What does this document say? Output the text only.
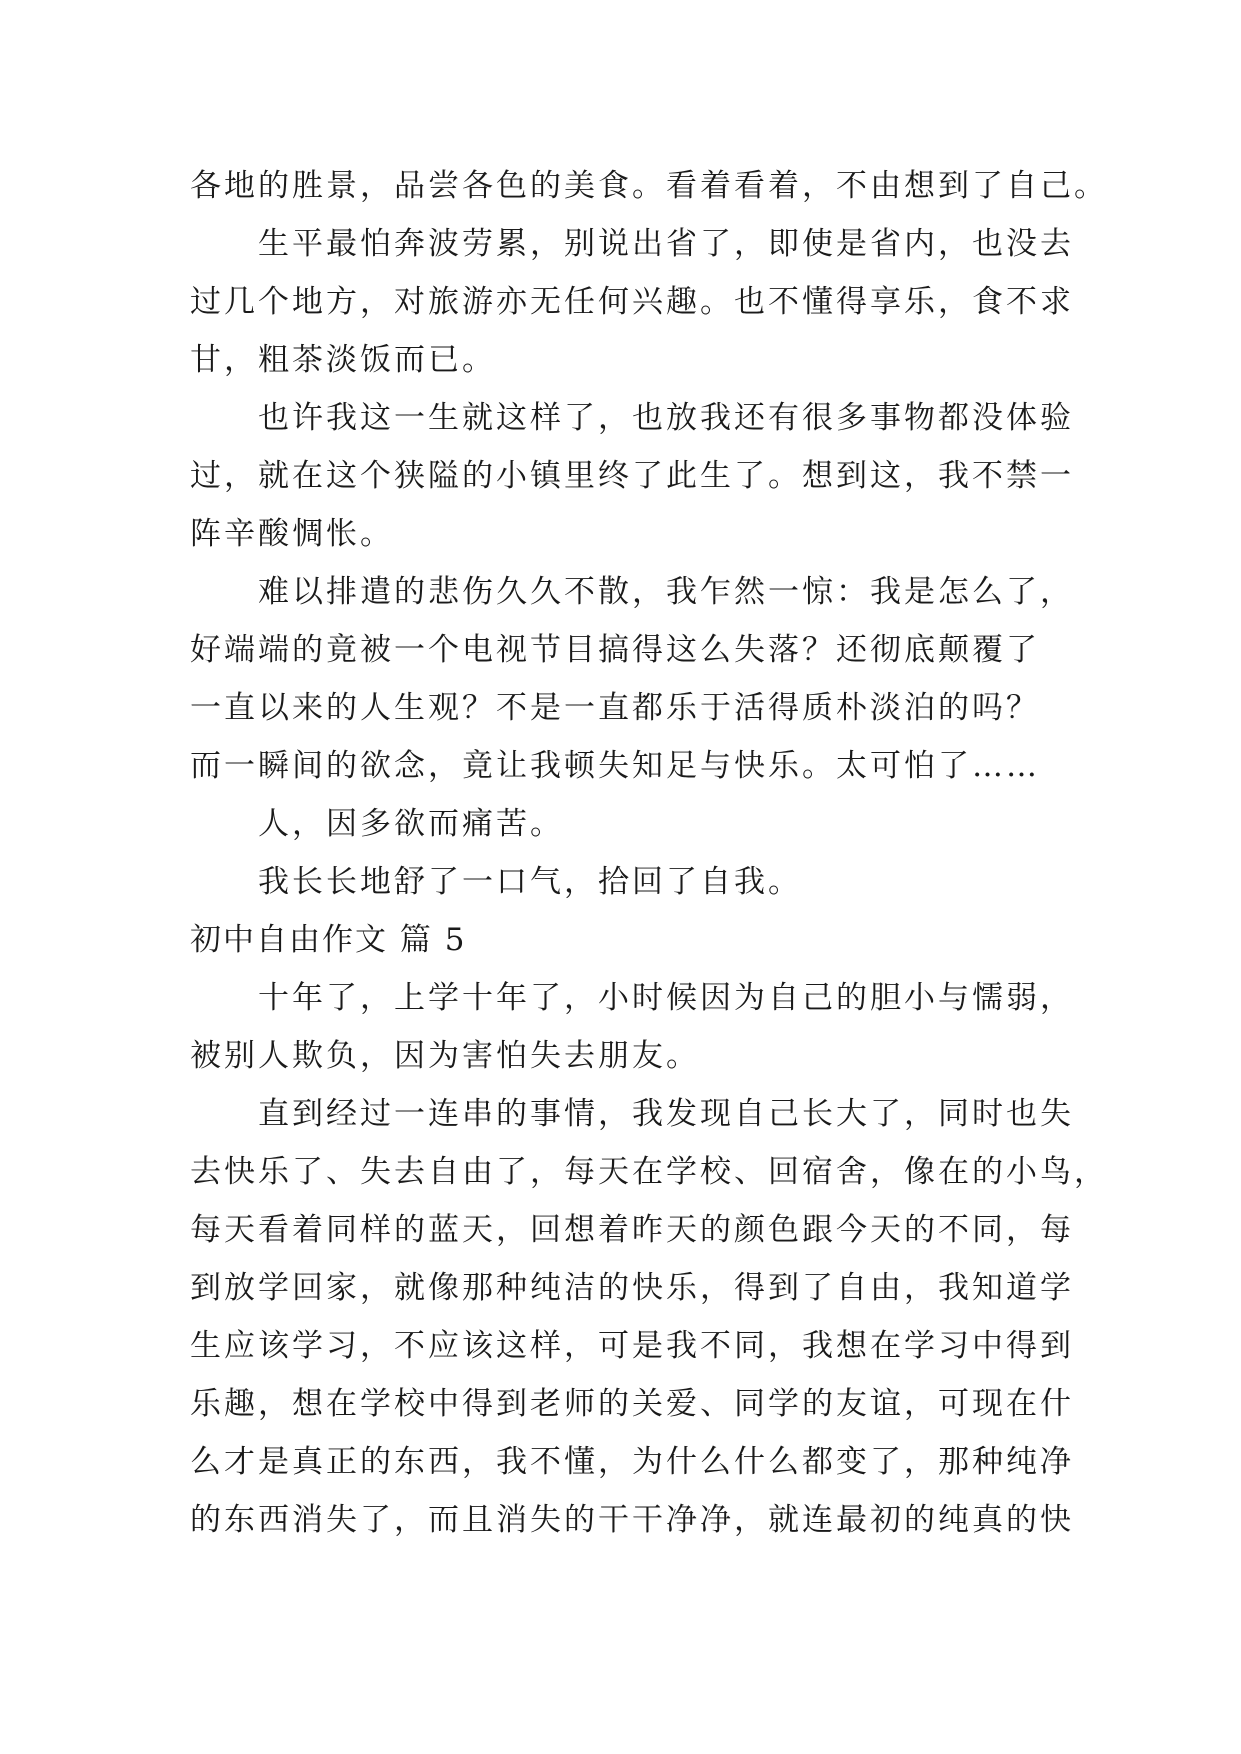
各地的胜景，品尝各色的美食。看着看着，不由想到了自己。
生平最怕奔波劳累，别说出省了，即使是省内，也没去
过几个地方，对旅游亦无任何兴趣。也不懂得享乐，食不求
甘，粗茶淡饭而已。
也许我这一生就这样了，也放我还有很多事物都没体验
过，就在这个狭隘的小镇里终了此生了。想到这，我不禁一
阵辛酸惆怅。
难以排遣的悲伤久久不散，我乍然一惊：我是怎么了，
好端端的竟被一个电视节目搞得这么失落？还彻底颠覆了
一直以来的人生观？不是一直都乐于活得质朴淡泊的吗？
而一瞬间的欲念，竟让我顿失知足与快乐。太可怕了……
人，因多欲而痛苦。
我长长地舒了一口气，拾回了自我。
初中自由作文 篇 5
十年了，上学十年了，小时候因为自己的胆小与懦弱，
被别人欺负，因为害怕失去朋友。
直到经过一连串的事情，我发现自己长大了，同时也失
去快乐了、失去自由了，每天在学校、回宿舍，像在的小鸟，
每天看着同样的蓝天，回想着昨天的颜色跟今天的不同，每
到放学回家，就像那种纯洁的快乐，得到了自由，我知道学
生应该学习，不应该这样，可是我不同，我想在学习中得到
乐趣，想在学校中得到老师的关爱、同学的友谊，可现在什
么才是真正的东西，我不懂，为什么什么都变了，那种纯净
的东西消失了，而且消失的干干净净，就连最初的纯真的快
